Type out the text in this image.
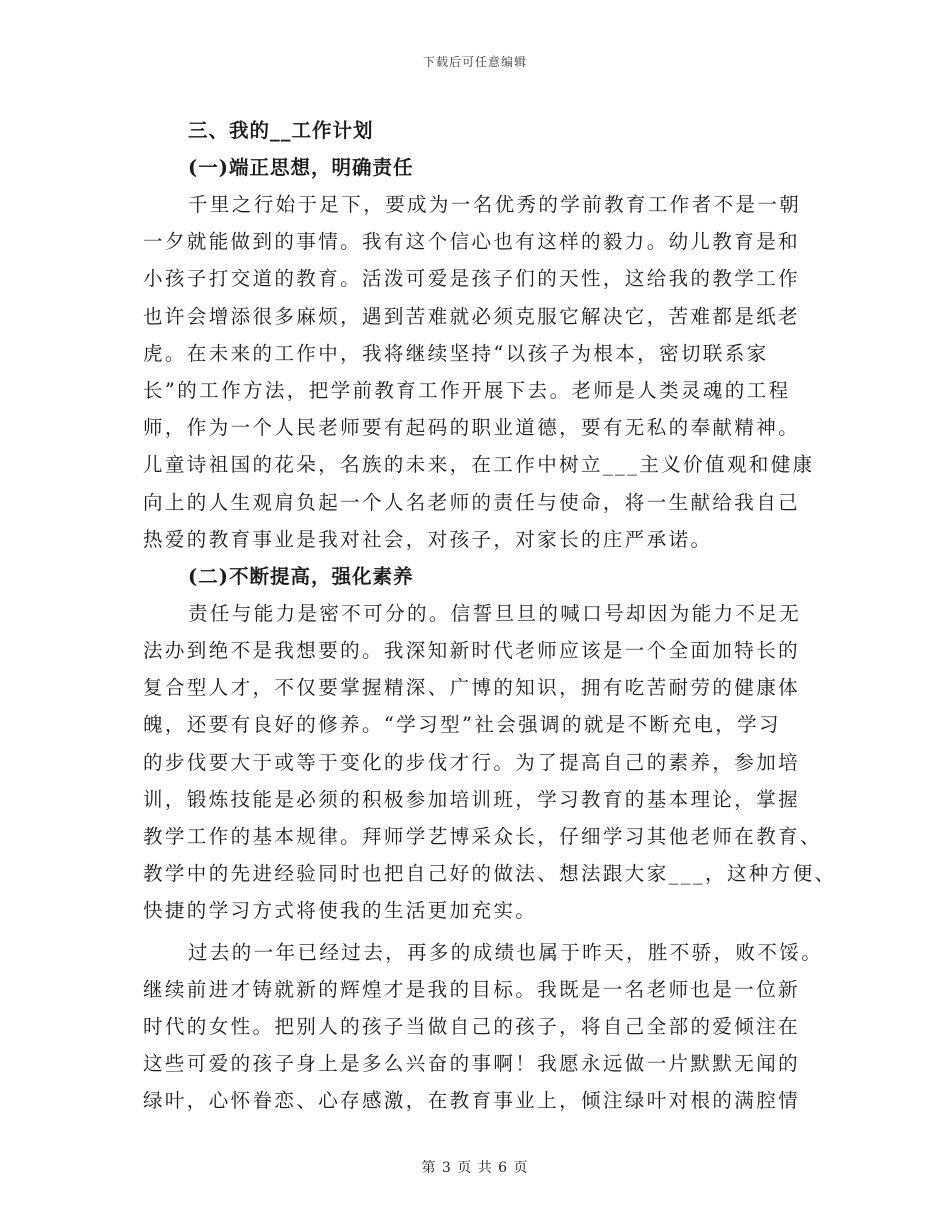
下载后可任意编辑
三、我的__工作计划
(一)端正思想，明确责任
千里之行始于足下，要成为一名优秀的学前教育工作者不是一朝
一夕就能做到的事情。我有这个信心也有这样的毅力。幼儿教育是和
小孩子打交道的教育。活泼可爱是孩子们的天性，这给我的教学工作
也许会增添很多麻烦，遇到苦难就必须克服它解决它，苦难都是纸老
虎。在未来的工作中，我将继续坚持“以孩子为根本，密切联系家
长”的工作方法，把学前教育工作开展下去。老师是人类灵魂的工程
师，作为一个人民老师要有起码的职业道德，要有无私的奉献精神。
儿童诗祖国的花朵，名族的未来，在工作中树立___主义价值观和健康
向上的人生观肩负起一个人名老师的责任与使命，将一生献给我自己
热爱的教育事业是我对社会，对孩子，对家长的庄严承诺。
(二)不断提高，强化素养
责任与能力是密不可分的。信誓旦旦的喊口号却因为能力不足无
法办到绝不是我想要的。我深知新时代老师应该是一个全面加特长的
复合型人才，不仅要掌握精深、广博的知识，拥有吃苦耐劳的健康体
魄，还要有良好的修养。“学习型”社会强调的就是不断充电，学习
的步伐要大于或等于变化的步伐才行。为了提高自己的素养，参加培
训，锻炼技能是必须的积极参加培训班，学习教育的基本理论，掌握
教学工作的基本规律。拜师学艺博采众长，仔细学习其他老师在教育、
教学中的先进经验同时也把自己好的做法、想法跟大家___，这种方便、
快捷的学习方式将使我的生活更加充实。
过去的一年已经过去，再多的成绩也属于昨天，胜不骄，败不馁。
继续前进才铸就新的辉煌才是我的目标。我既是一名老师也是一位新
时代的女性。把别人的孩子当做自己的孩子，将自己全部的爱倾注在
这些可爱的孩子身上是多么兴奋的事啊！我愿永远做一片默默无闻的
绿叶，心怀眷恋、心存感激，在教育事业上，倾注绿叶对根的满腔情
第 3 页 共 6 页
